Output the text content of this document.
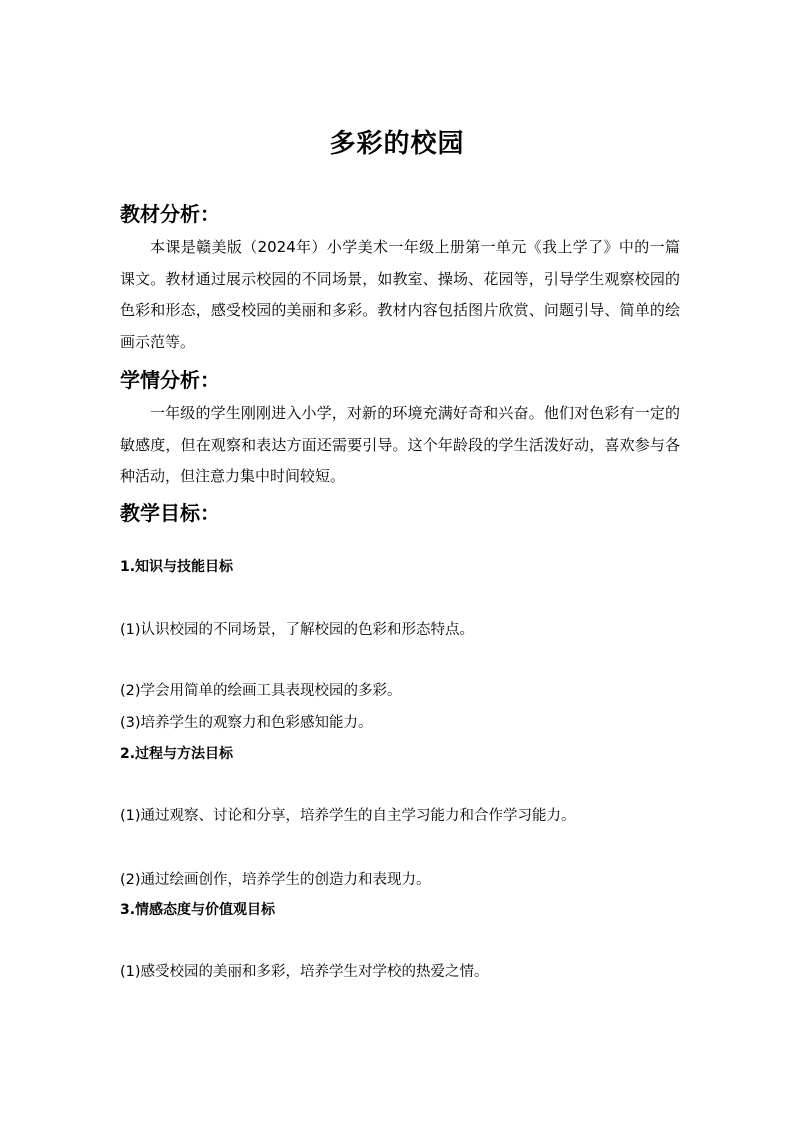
多彩的校园
教材分析：

本课是赣美版（2024年）小学美术一年级上册第一单元《我上学了》中的一篇课文。教材通过展示校园的不同场景，如教室、操场、花园等，引导学生观察校园的色彩和形态，感受校园的美丽和多彩。教材内容包括图片欣赏、问题引导、简单的绘画示范等。

学情分析：

一年级的学生刚刚进入小学，对新的环境充满好奇和兴奋。他们对色彩有一定的敏感度，但在观察和表达方面还需要引导。这个年龄段的学生活泼好动，喜欢参与各种活动，但注意力集中时间较短。

教学目标：
1.知识与技能目标

(1)认识校园的不同场景，了解校园的色彩和形态特点。

(2)学会用简单的绘画工具表现校园的多彩。

(3)培养学生的观察力和色彩感知能力。

2.过程与方法目标

(1)通过观察、讨论和分享，培养学生的自主学习能力和合作学习能力。

(2)通过绘画创作，培养学生的创造力和表现力。

3.情感态度与价值观目标

(1)感受校园的美丽和多彩，培养学生对学校的热爱之情。
